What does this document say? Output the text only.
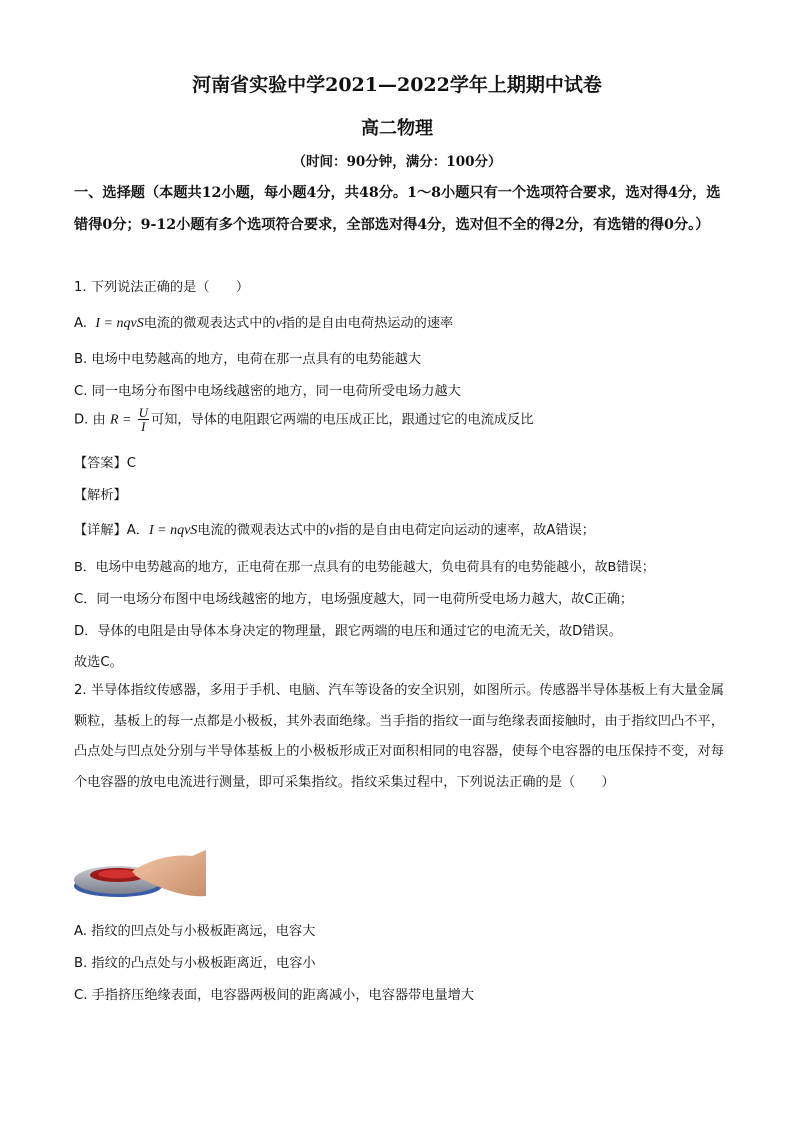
河南省实验中学2021—2022学年上期期中试卷
高二物理
（时间：90分钟，满分：100分）
一、选择题（本题共12小题，每小题4分，共48分。1～8小题只有一个选项符合要求，选对得4分，选错得0分；9-12小题有多个选项符合要求，全部选对得4分，选对但不全的得2分，有选错的得0分。）
1. 下列说法正确的是（　　）
A. I = nqvS电流的微观表达式中的v指的是自由电荷热运动的速率
B. 电场中电势越高的地方，电荷在那一点具有的电势能越大
C. 同一电场分布图中电场线越密的地方，同一电荷所受电场力越大
D. 由 $R = \frac{U}{I}$ 可知，导体的电阻跟它两端的电压成正比，跟通过它的电流成反比
【答案】C
【解析】
【详解】A．I = nqvS电流的微观表达式中的v指的是自由电荷定向运动的速率，故A错误；
B．电场中电势越高的地方，正电荷在那一点具有的电势能越大，负电荷具有的电势能越小，故B错误；
C．同一电场分布图中电场线越密的地方，电场强度越大，同一电荷所受电场力越大，故C正确；
D．导体的电阻是由导体本身决定的物理量，跟它两端的电压和通过它的电流无关，故D错误。
故选C。
2. 半导体指纹传感器，多用于手机、电脑、汽车等设备的安全识别，如图所示。传感器半导体基板上有大量金属颗粒，基板上的每一点都是小极板，其外表面绝缘。当手指的指纹一面与绝缘表面接触时，由于指纹凹凸不平，凸点处与凹点处分别与半导体基板上的小极板形成正对面积相同的电容器，使每个电容器的电压保持不变，对每个电容器的放电电流进行测量，即可采集指纹。指纹采集过程中，下列说法正确的是（　　）
A. 指纹的凹点处与小极板距离远，电容大
B. 指纹的凸点处与小极板距离近，电容小
C. 手指挤压绝缘表面，电容器两极间的距离减小，电容器带电量增大
